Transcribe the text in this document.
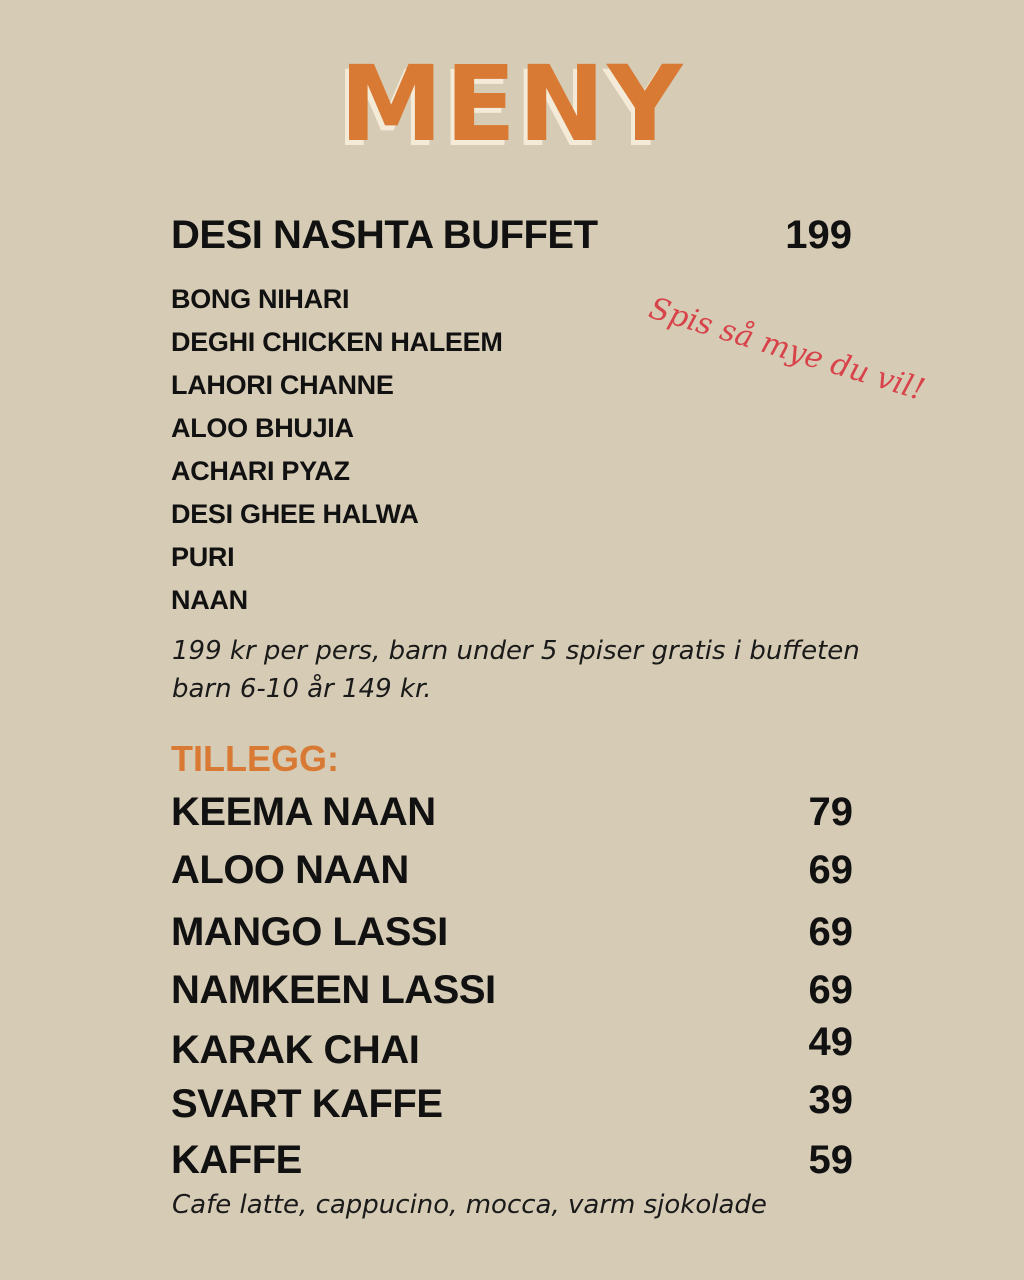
MENY
DESI NASHTA BUFFET	199
Spis så mye du vil!
BONG NIHARI
DEGHI CHICKEN HALEEM
LAHORI CHANNE
ALOO BHUJIA
ACHARI PYAZ
DESI GHEE HALWA
PURI
NAAN
199 kr per pers, barn under 5 spiser gratis i buffeten
barn 6-10 år 149 kr.
TILLEGG:
KEEMA NAAN	79
ALOO NAAN	69
MANGO LASSI	69
NAMKEEN LASSI	69
KARAK CHAI	49
SVART KAFFE	39
KAFFE	59
Cafe latte, cappucino, mocca, varm sjokolade
